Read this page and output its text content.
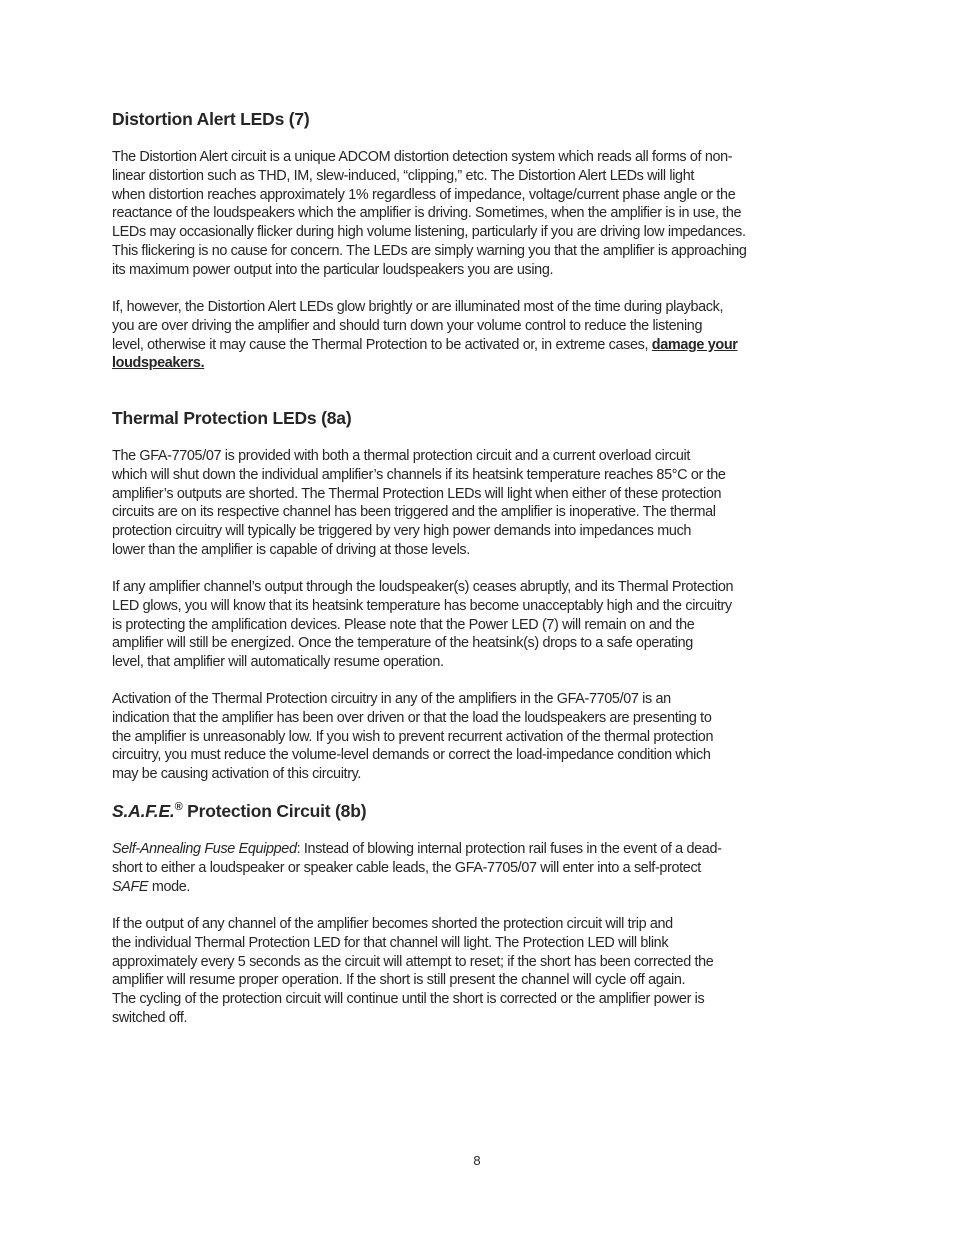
Distortion Alert LEDs (7)
The Distortion Alert circuit is a unique ADCOM distortion detection system which reads all forms of non-
linear distortion such as THD, IM, slew-induced, “clipping,” etc. The Distortion Alert LEDs will light
when distortion reaches approximately 1% regardless of impedance, voltage/current phase angle or the
reactance of the loudspeakers which the amplifier is driving. Sometimes, when the amplifier is in use, the
LEDs may occasionally flicker during high volume listening, particularly if you are driving low impedances.
This flickering is no cause for concern. The LEDs are simply warning you that the amplifier is approaching
its maximum power output into the particular loudspeakers you are using.
If, however, the Distortion Alert LEDs glow brightly or are illuminated most of the time during playback,
you are over driving the amplifier and should turn down your volume control to reduce the listening
level, otherwise it may cause the Thermal Protection to be activated or, in extreme cases, damage your
loudspeakers.
Thermal Protection LEDs (8a)
The GFA-7705/07 is provided with both a thermal protection circuit and a current overload circuit
which will shut down the individual amplifier’s channels if its heatsink temperature reaches 85°C or the
amplifier’s outputs are shorted. The Thermal Protection LEDs will light when either of these protection
circuits are on its respective channel has been triggered and the amplifier is inoperative. The thermal
protection circuitry will typically be triggered by very high power demands into impedances much
lower than the amplifier is capable of driving at those levels.
If any amplifier channel’s output through the loudspeaker(s) ceases abruptly, and its Thermal Protection
LED glows, you will know that its heatsink temperature has become unacceptably high and the circuitry
is protecting the amplification devices. Please note that the Power LED (7) will remain on and the
amplifier will still be energized. Once the temperature of the heatsink(s) drops to a safe operating
level, that amplifier will automatically resume operation.
Activation of the Thermal Protection circuitry in any of the amplifiers in the GFA-7705/07 is an
indication that the amplifier has been over driven or that the load the loudspeakers are presenting to
the amplifier is unreasonably low. If you wish to prevent recurrent activation of the thermal protection
circuitry, you must reduce the volume-level demands or correct the load-impedance condition which
may be causing activation of this circuitry.
S.A.F.E.® Protection Circuit (8b)
Self-Annealing Fuse Equipped: Instead of blowing internal protection rail fuses in the event of a dead-
short to either a loudspeaker or speaker cable leads, the GFA-7705/07 will enter into a self-protect
SAFE mode.
If the output of any channel of the amplifier becomes shorted the protection circuit will trip and
the individual Thermal Protection LED for that channel will light. The Protection LED will blink
approximately every 5 seconds as the circuit will attempt to reset; if the short has been corrected the
amplifier will resume proper operation. If the short is still present the channel will cycle off again.
The cycling of the protection circuit will continue until the short is corrected or the amplifier power is
switched off.
8
